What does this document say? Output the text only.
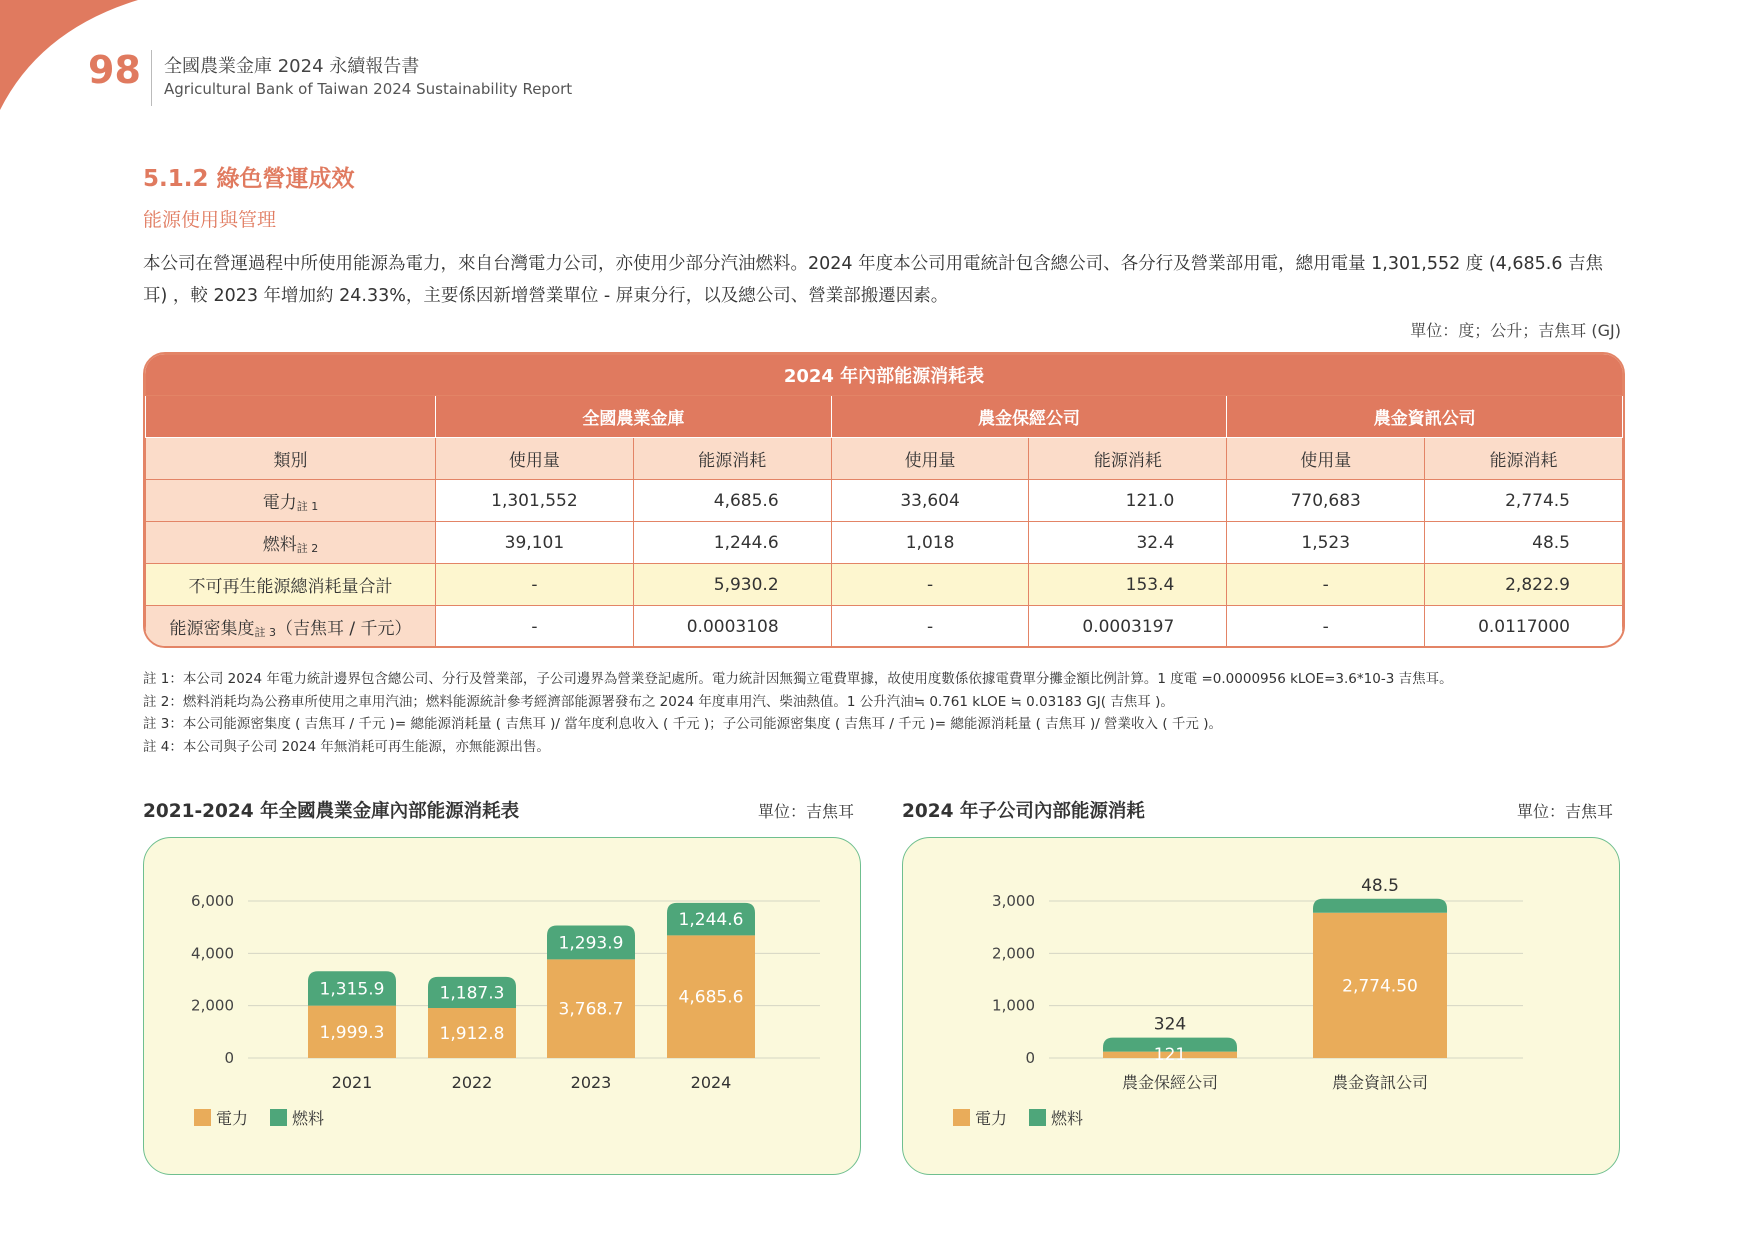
98 全國農業金庫 2024 永續報告書
Agricultural Bank of Taiwan 2024 Sustainability Report
5.1.2 綠色營運成效
能源使用與管理
本公司在營運過程中所使用能源為電力，來自台灣電力公司，亦使用少部分汽油燃料。2024 年度本公司用電統計包含總公司、各分行及營業部用電，總用電量 1,301,552 度 (4,685.6 吉焦耳) ，較 2023 年增加約 24.33%，主要係因新增營業單位 - 屏東分行，以及總公司、營業部搬遷因素。
單位：度；公升；吉焦耳 (GJ)
2024 年內部能源消耗表						
	全國農業金庫		農金保經公司		農金資訊公司	
類別	使用量	能源消耗	使用量	能源消耗	使用量	能源消耗
電力$_{註 1}$	1,301,552	4,685.6	33,604	121.0	770,683	2,774.5
燃料$_{註 2}$	39,101	1,244.6	1,018	32.4	1,523	48.5
不可再生能源總消耗量合計	-	5,930.2	-	153.4	-	2,822.9
能源密集度$_{註 3}$（吉焦耳 / 千元）	-	0.0003108	-	0.0003197	-	0.0117000
註 1：本公司 2024 年電力統計邊界包含總公司、分行及營業部，子公司邊界為營業登記處所。電力統計因無獨立電費單據，故使用度數係依據電費單分攤金額比例計算。1 度電 =0.0000956 kLOE=3.6*10-3 吉焦耳。
註 2：燃料消耗均為公務車所使用之車用汽油；燃料能源統計參考經濟部能源署發布之 2024 年度車用汽、柴油熱值。1 公升汽油≒ 0.761 kLOE ≒ 0.03183 GJ( 吉焦耳 )。
註 3：本公司能源密集度 ( 吉焦耳 / 千元 )= 總能源消耗量 ( 吉焦耳 )/ 當年度利息收入 ( 千元 )；子公司能源密集度 ( 吉焦耳 / 千元 )= 總能源消耗量 ( 吉焦耳 )/ 營業收入 ( 千元 )。
註 4：本公司與子公司 2024 年無消耗可再生能源，亦無能源出售。
2021-2024 年全國農業金庫內部能源消耗表	單位：吉焦耳
0
2,000
4,000
6,000
1,999.3
1,315.9
2021
1,912.8
1,187.3
2022
3,768.7
1,293.9
2023
4,685.6
1,244.6
2024
電力	燃料
2024 年子公司內部能源消耗	單位：吉焦耳
0
1,000
2,000
3,000
121
324
農金保經公司
2,774.50
48.5
農金資訊公司
電力	燃料
